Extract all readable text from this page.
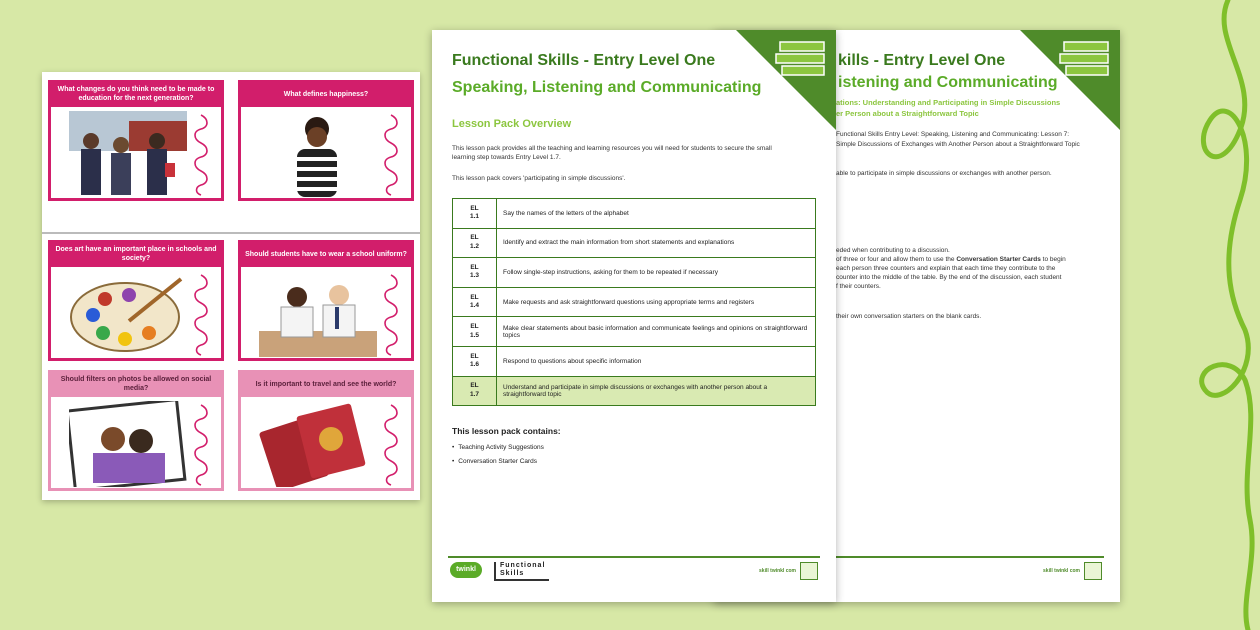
What changes do you think need to be made to education for the next generation?
What defines happiness?
Does art have an important place in schools and society?
Should students have to wear a school uniform?
Should filters on photos be allowed on social media?
Is it important to travel and see the world?
kills - Entry Level One
istening and Communicating
ations: Understanding and Participating in Simple Discussions
er Person about a Straightforward Topic
Functional Skills Entry Level: Speaking, Listening and Communicating: Lesson 7:
Simple Discussions of Exchanges with Another Person about a Straightforward Topic
able to participate in simple discussions or exchanges with another person.
eded when contributing to a discussion.
of three or four and allow them to use the Conversation Starter Cards to begin
each person three counters and explain that each time they contribute to the
counter into the middle of the table. By the end of the discussion, each student
f their counters.
their own conversation starters on the blank cards.
skill twinkl com
Functional Skills - Entry Level One
Speaking, Listening and Communicating
Lesson Pack Overview
This lesson pack provides all the teaching and learning resources you will need for students to secure the small
learning step towards Entry Level 1.7.
This lesson pack covers 'participating in simple discussions'.
EL
1.1	Say the names of the letters of the alphabet
EL
1.2	Identify and extract the main information from short statements and explanations
EL
1.3	Follow single-step instructions, asking for them to be repeated if necessary
EL
1.4	Make requests and ask straightforward questions using appropriate terms and registers
EL
1.5	Make clear statements about basic information and communicate feelings and opinions on straightforward topics
EL
1.6	Respond to questions about specific information
EL
1.7	Understand and participate in simple discussions or exchanges with another person about a straightforward topic
This lesson pack contains:
• Teaching Activity Suggestions
• Conversation Starter Cards
twinkl
Functional
Skills	skill twinkl com
